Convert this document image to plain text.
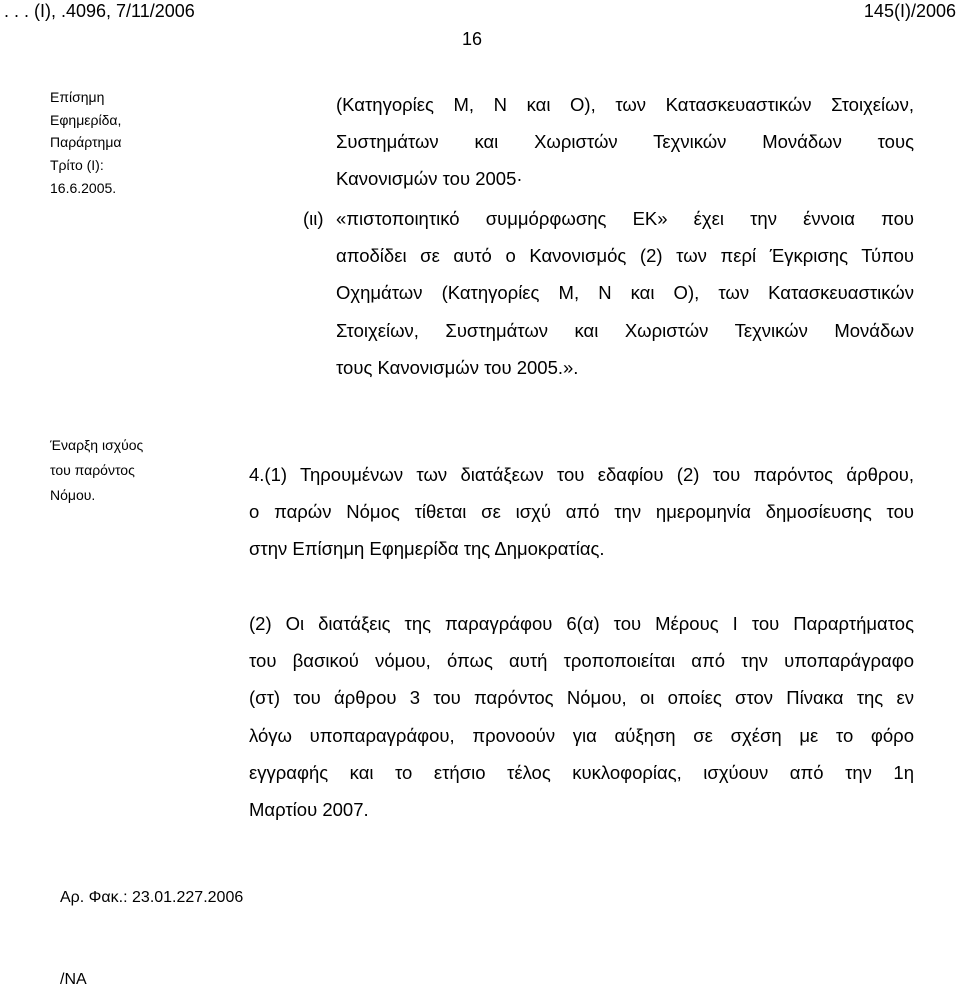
. . . (I), .4096, 7/11/2006	145(I)/2006
16
Επίσημη
Εφημερίδα,
Παράρτημα
Τρίτο (Ι):
16.6.2005.
Έναρξη ισχύος
του παρόντος
Νόμου.
(Κατηγορίες Μ, Ν και Ο), των Κατασκευαστικών Στοιχείων,
Συστημάτων και Χωριστών Τεχνικών Μονάδων τους
Κανονισμών του 2005·
(ιι) «πιστοποιητικό συμμόρφωσης ΕΚ» έχει την έννοια που
αποδίδει σε αυτό ο Κανονισμός (2) των περί Έγκρισης Τύπου
Οχημάτων (Κατηγορίες Μ, Ν και Ο), των Κατασκευαστικών
Στοιχείων, Συστημάτων και Χωριστών Τεχνικών Μονάδων
τους Κανονισμών του 2005.».
4.(1) Τηρουμένων των διατάξεων του εδαφίου (2) του παρόντος άρθρου,
ο παρών Νόμος τίθεται σε ισχύ από την ημερομηνία δημοσίευσης του
στην Επίσημη Εφημερίδα της Δημοκρατίας.
(2) Οι διατάξεις της παραγράφου 6(α) του Μέρους Ι του Παραρτήματος
του βασικού νόμου, όπως αυτή τροποποιείται από την υποπαράγραφο
(στ) του άρθρου 3 του παρόντος Νόμου, οι οποίες στον Πίνακα της εν
λόγω υποπαραγράφου, προνοούν για αύξηση σε σχέση με το φόρο
εγγραφής και το ετήσιο τέλος κυκλοφορίας, ισχύουν από την 1η
Μαρτίου 2007.
Αρ. Φακ.: 23.01.227.2006
/NA
